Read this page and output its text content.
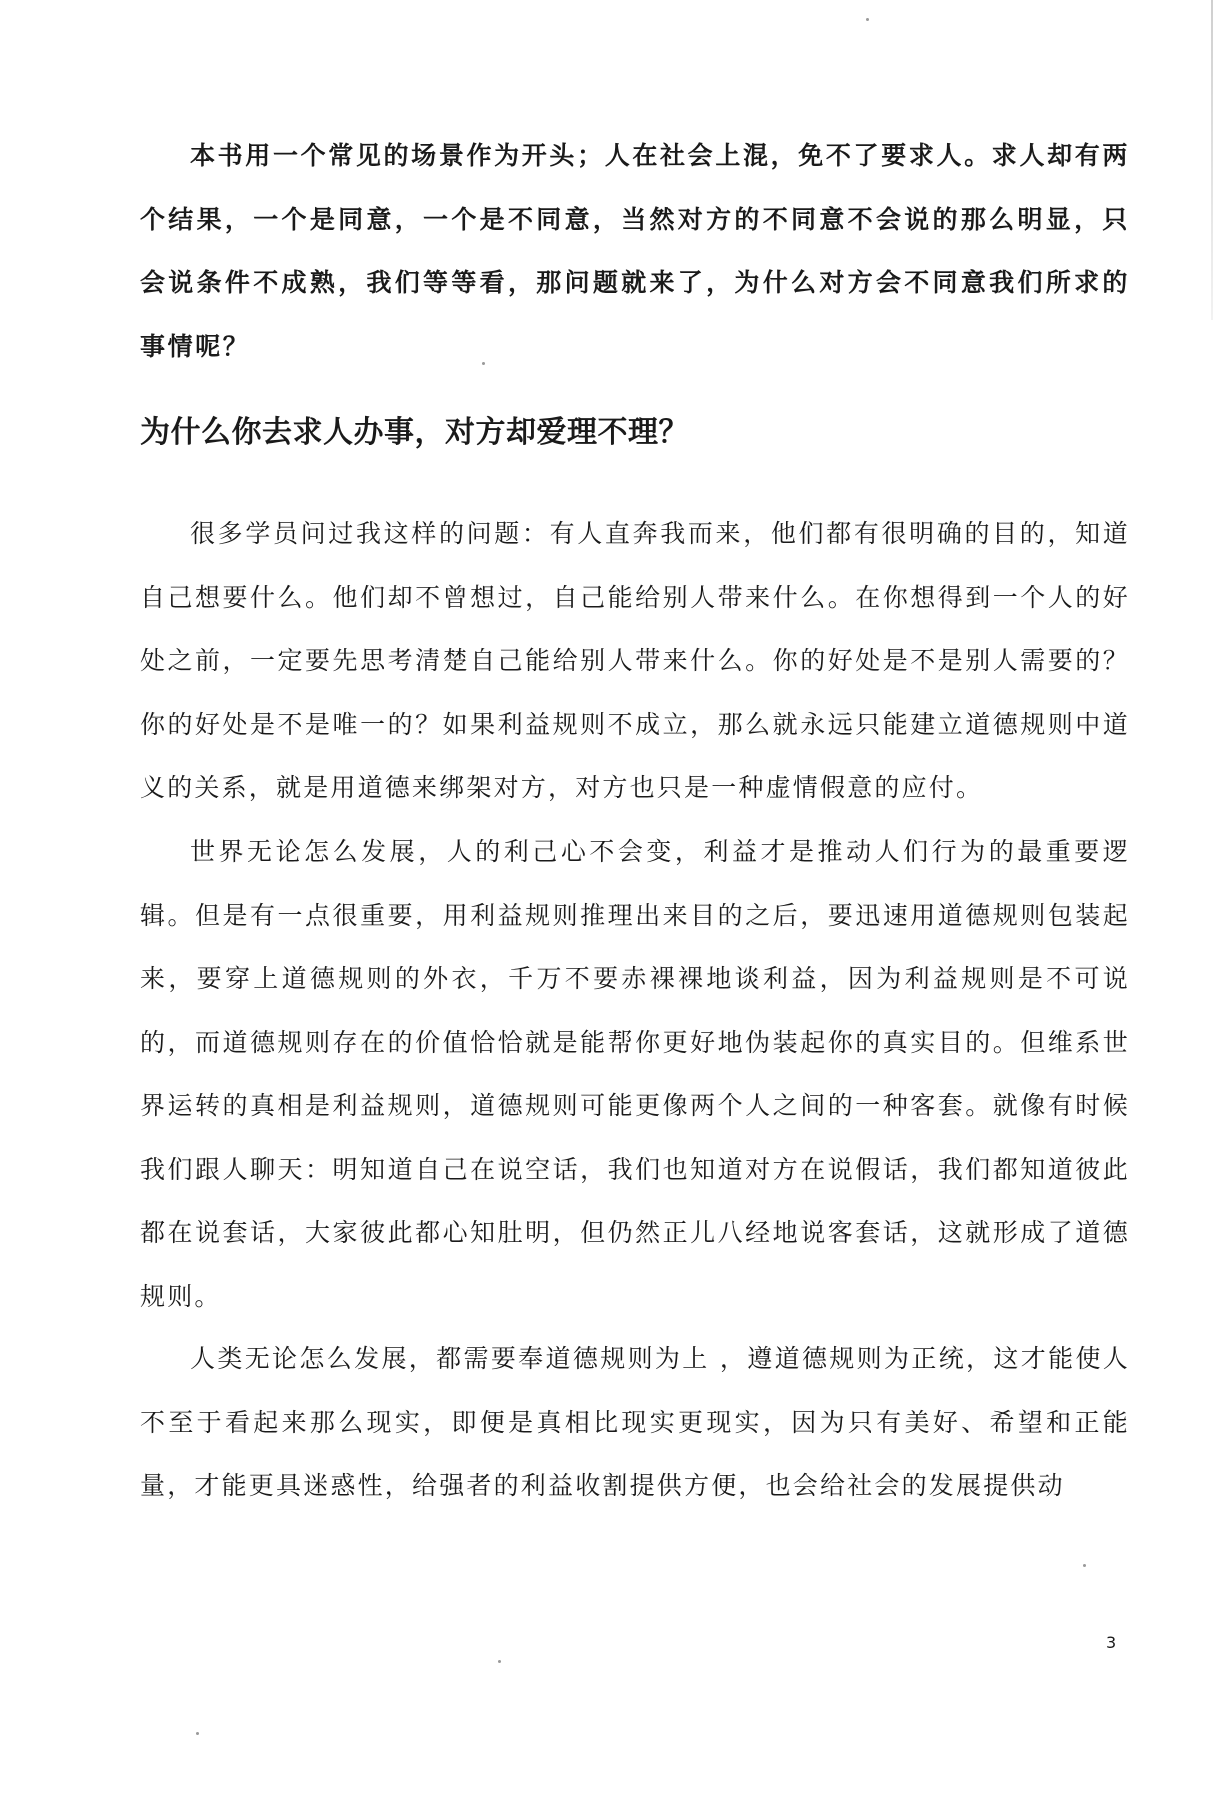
本书用一个常见的场景作为开头；人在社会上混，免不了要求人。求人却有两个结果，一个是同意，一个是不同意，当然对方的不同意不会说的那么明显，只会说条件不成熟，我们等等看，那问题就来了，为什么对方会不同意我们所求的事情呢？

为什么你去求人办事，对方却爱理不理？

很多学员问过我这样的问题：有人直奔我而来，他们都有很明确的目的，知道自己想要什么。他们却不曾想过，自己能给别人带来什么。在你想得到一个人的好处之前，一定要先思考清楚自己能给别人带来什么。你的好处是不是别人需要的？你的好处是不是唯一的？如果利益规则不成立，那么就永远只能建立道德规则中道义的关系，就是用道德来绑架对方，对方也只是一种虚情假意的应付。

世界无论怎么发展，人的利己心不会变，利益才是推动人们行为的最重要逻辑。但是有一点很重要，用利益规则推理出来目的之后，要迅速用道德规则包装起来，要穿上道德规则的外衣，千万不要赤裸裸地谈利益，因为利益规则是不可说的，而道德规则存在的价值恰恰就是能帮你更好地伪装起你的真实目的。但维系世界运转的真相是利益规则，道德规则可能更像两个人之间的一种客套。就像有时候我们跟人聊天：明知道自己在说空话，我们也知道对方在说假话，我们都知道彼此都在说套话，大家彼此都心知肚明，但仍然正儿八经地说客套话，这就形成了道德规则。

人类无论怎么发展，都需要奉道德规则为上 ，遵道德规则为正统，这才能使人不至于看起来那么现实，即便是真相比现实更现实，因为只有美好、希望和正能量，才能更具迷惑性，给强者的利益收割提供方便，也会给社会的发展提供动

3
